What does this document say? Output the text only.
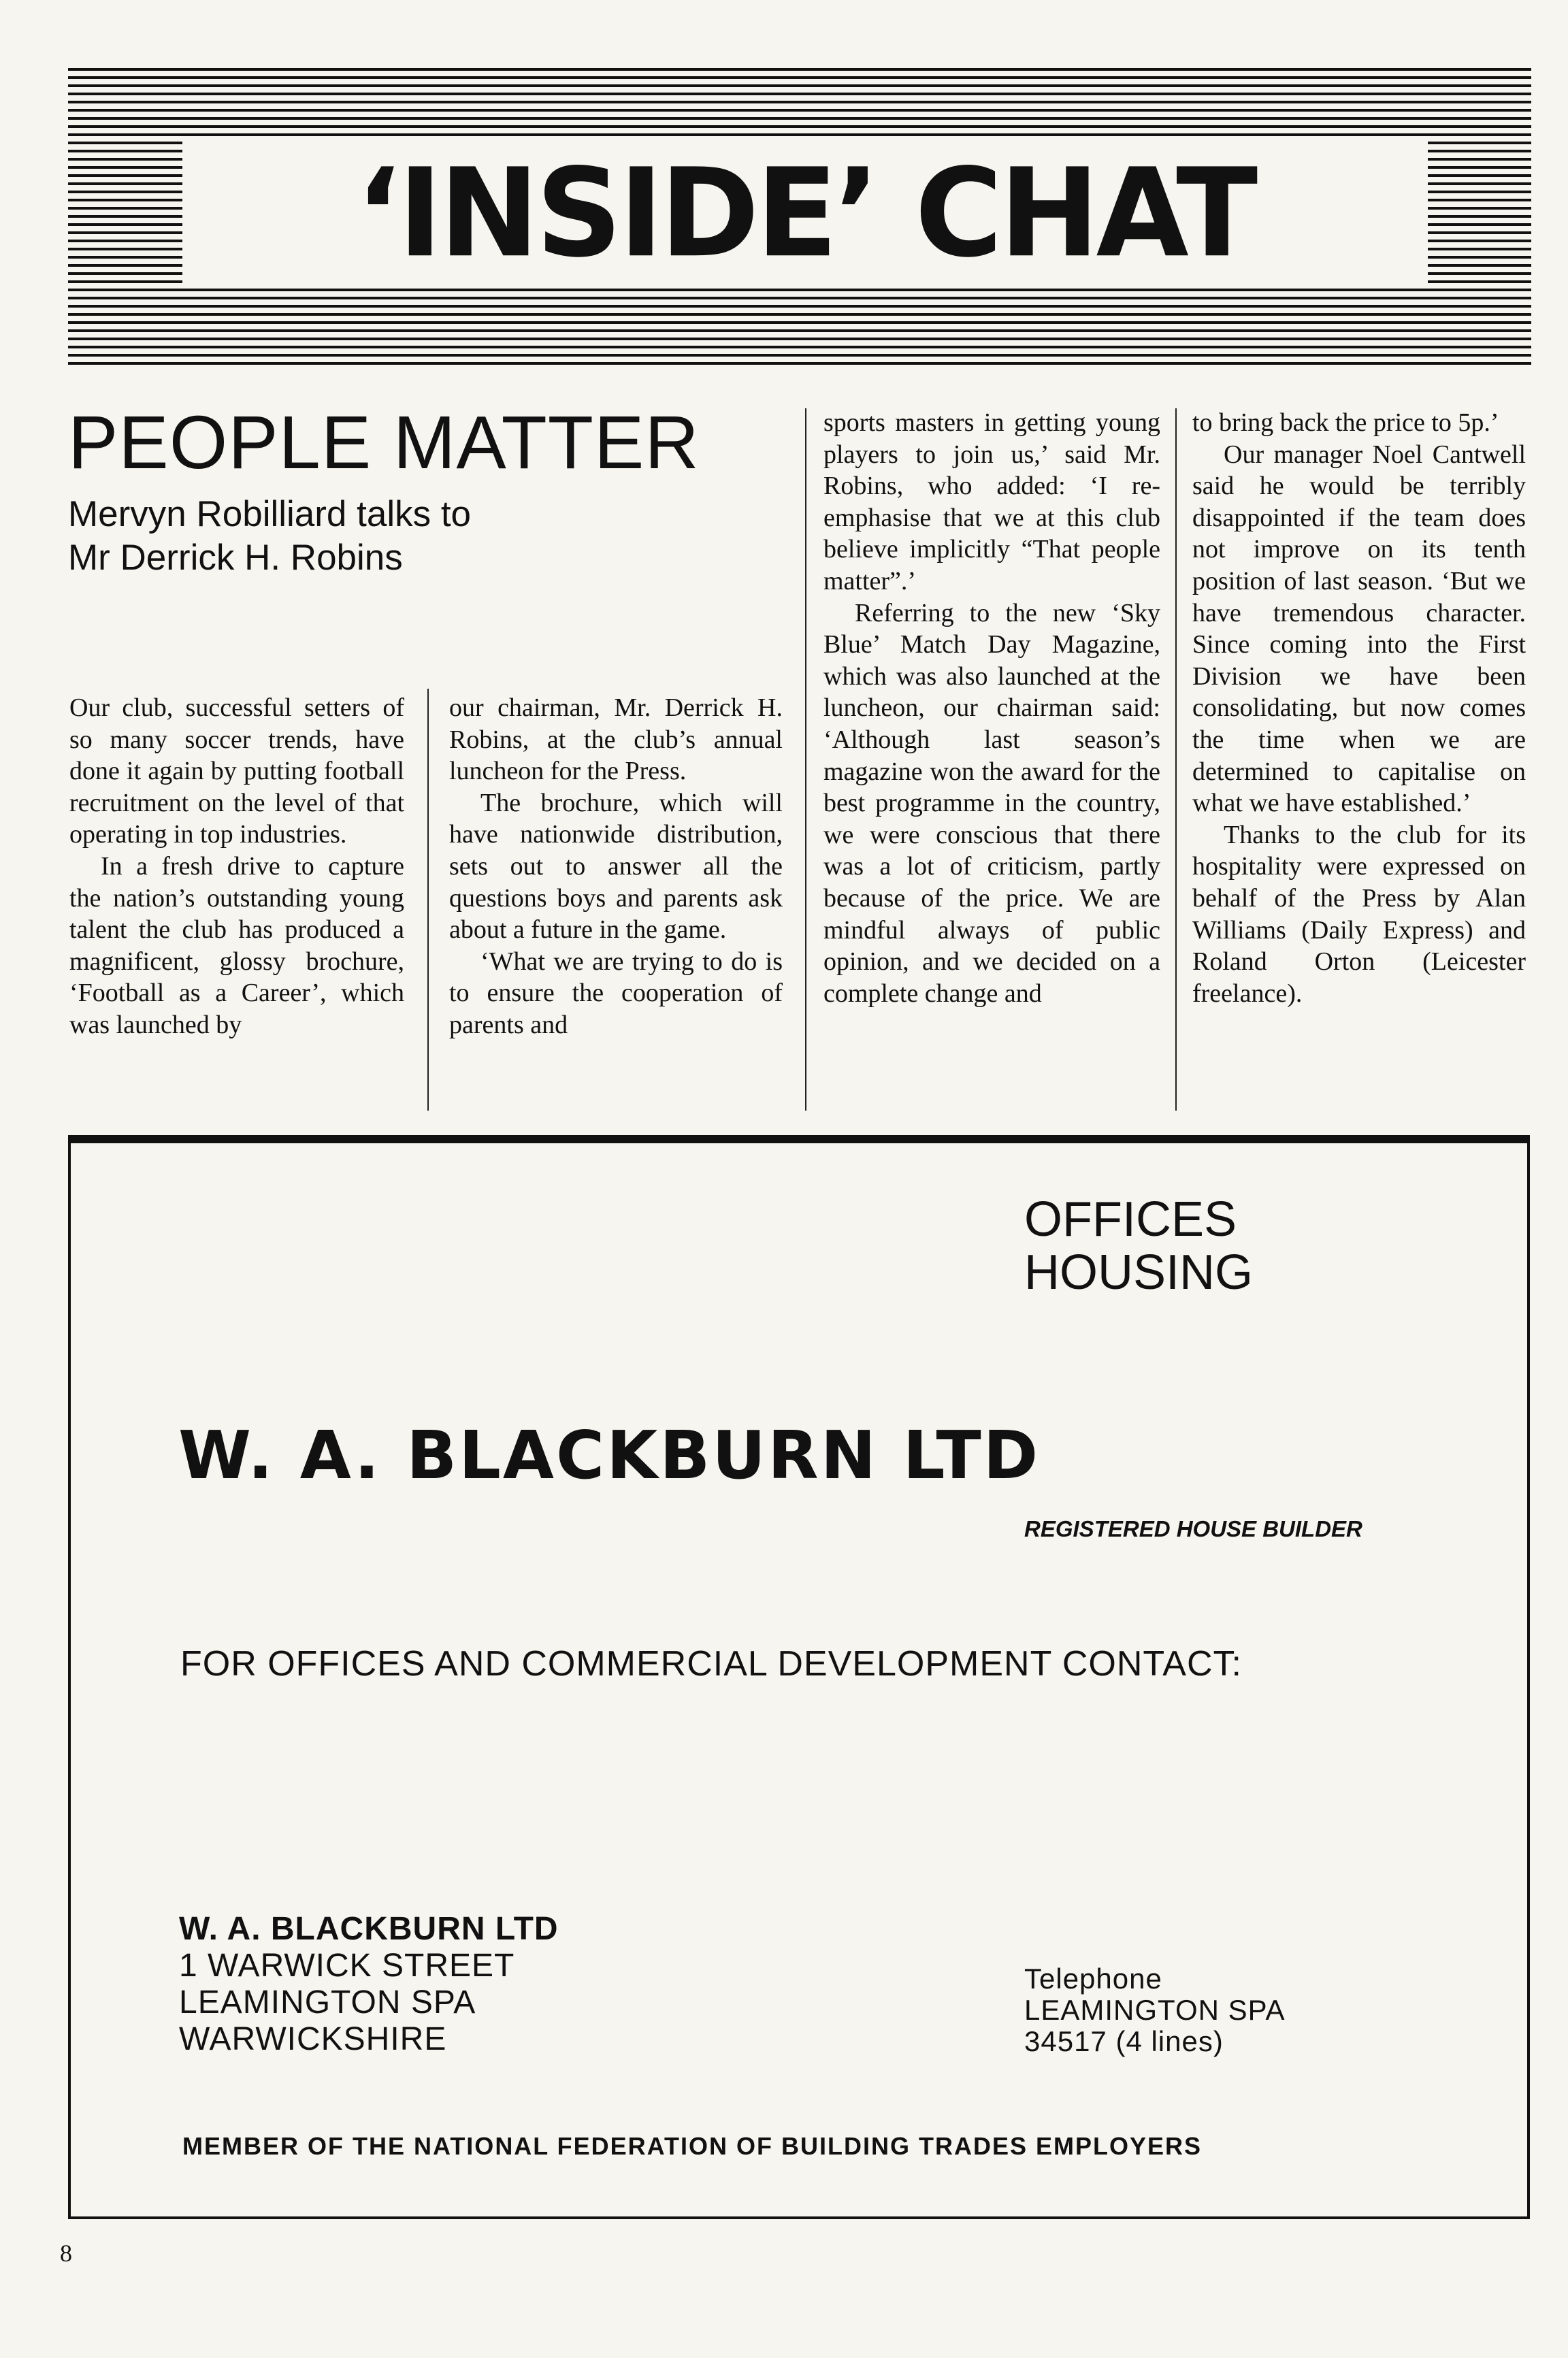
‘INSIDE’ CHAT
PEOPLE MATTER
Mervyn Robilliard talks to
Mr Derrick H. Robins

Our club, successful setters of so many soccer trends, have done it again by putting football recruitment on the level of that operating in top industries.

In a fresh drive to capture the nation’s outstanding young talent the club has produced a magnificent, glossy brochure, ‘Football as a Career’, which was launched by

our chairman, Mr. Derrick H. Robins, at the club’s annual luncheon for the Press.

The brochure, which will have nationwide distribution, sets out to answer all the questions boys and parents ask about a future in the game.

‘What we are trying to do is to ensure the cooperation of parents and

sports masters in getting young players to join us,’ said Mr. Robins, who added: ‘I re-emphasise that we at this club believe implicitly “That people matter”.’

Referring to the new ‘Sky Blue’ Match Day Magazine, which was also launched at the luncheon, our chairman said: ‘Although last season’s magazine won the award for the best programme in the country, we were conscious that there was a lot of criticism, partly because of the price. We are mindful always of public opinion, and we decided on a complete change and

to bring back the price to 5p.’

Our manager Noel Cantwell said he would be terribly disappointed if the team does not improve on its tenth position of last season. ‘But we have tremendous character. Since coming into the First Division we have been consolidating, but now comes the time when we are determined to capitalise on what we have established.’

Thanks to the club for its hospitality were expressed on behalf of the Press by Alan Williams (Daily Express) and Roland Orton (Leicester freelance).

OFFICES
HOUSING
W. A. BLACKBURN LTD
REGISTERED HOUSE BUILDER
FOR OFFICES AND COMMERCIAL DEVELOPMENT CONTACT:
W. A. BLACKBURN LTD
1 WARWICK STREET
LEAMINGTON SPA
WARWICKSHIRE
Telephone
LEAMINGTON SPA
34517 (4 lines)
MEMBER OF THE NATIONAL FEDERATION OF BUILDING TRADES EMPLOYERS
8
